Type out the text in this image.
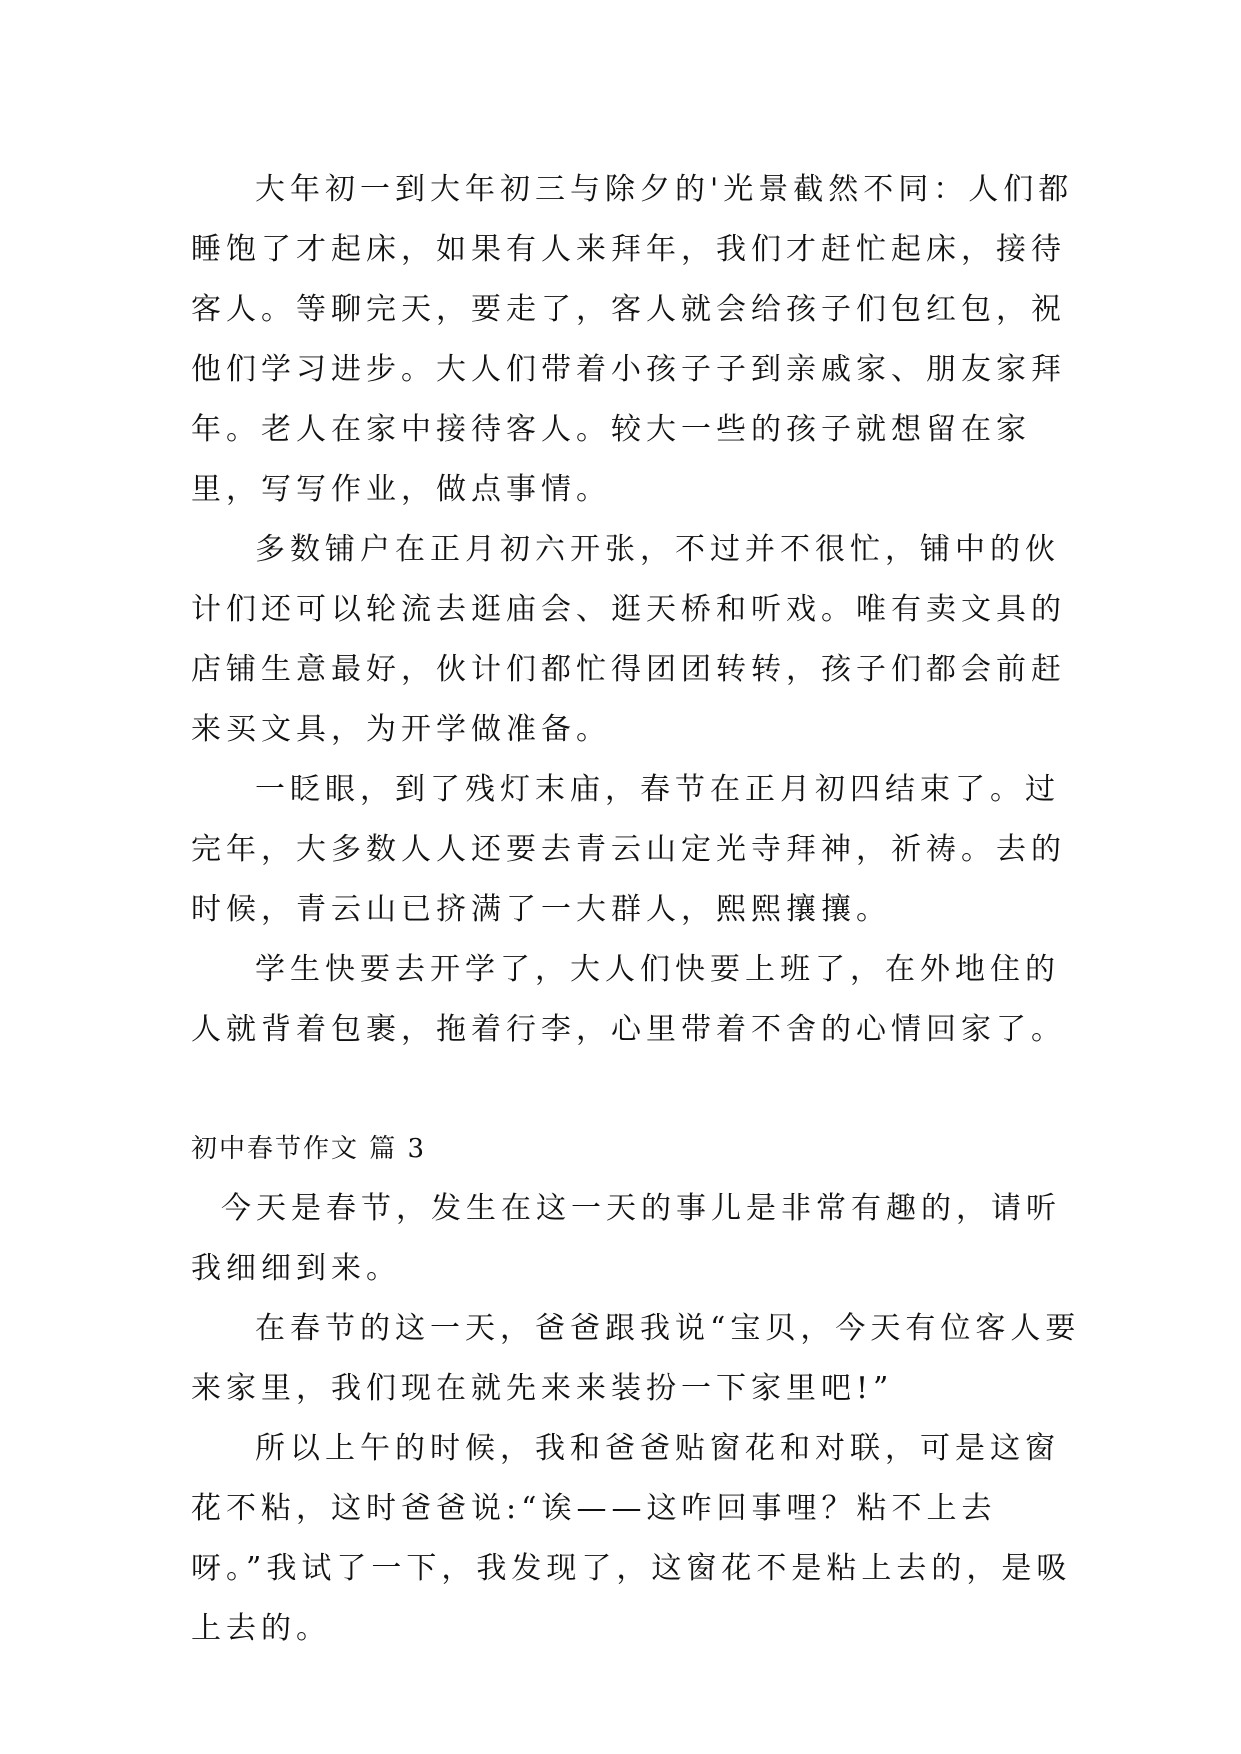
大年初一到大年初三与除夕的'光景截然不同：人们都睡饱了才起床，如果有人来拜年，我们才赶忙起床，接待客人。等聊完天，要走了，客人就会给孩子们包红包，祝他们学习进步。大人们带着小孩子子到亲戚家、朋友家拜年。老人在家中接待客人。较大一些的孩子就想留在家里，写写作业，做点事情。

多数铺户在正月初六开张，不过并不很忙，铺中的伙计们还可以轮流去逛庙会、逛天桥和听戏。唯有卖文具的店铺生意最好，伙计们都忙得团团转转，孩子们都会前赶来买文具，为开学做准备。

一眨眼，到了残灯末庙，春节在正月初四结束了。过完年，大多数人人还要去青云山定光寺拜神，祈祷。去的时候，青云山已挤满了一大群人，熙熙攘攘。

学生快要去开学了，大人们快要上班了，在外地住的人就背着包裹，拖着行李，心里带着不舍的心情回家了。

初中春节作文 篇 3

今天是春节，发生在这一天的事儿是非常有趣的，请听我细细到来。

在春节的这一天，爸爸跟我说“宝贝，今天有位客人要来家里，我们现在就先来来装扮一下家里吧!”

所以上午的时候，我和爸爸贴窗花和对联，可是这窗花不粘，这时爸爸说:“诶——这咋回事哩？粘不上去呀。”我试了一下，我发现了，这窗花不是粘上去的，是吸上去的。
